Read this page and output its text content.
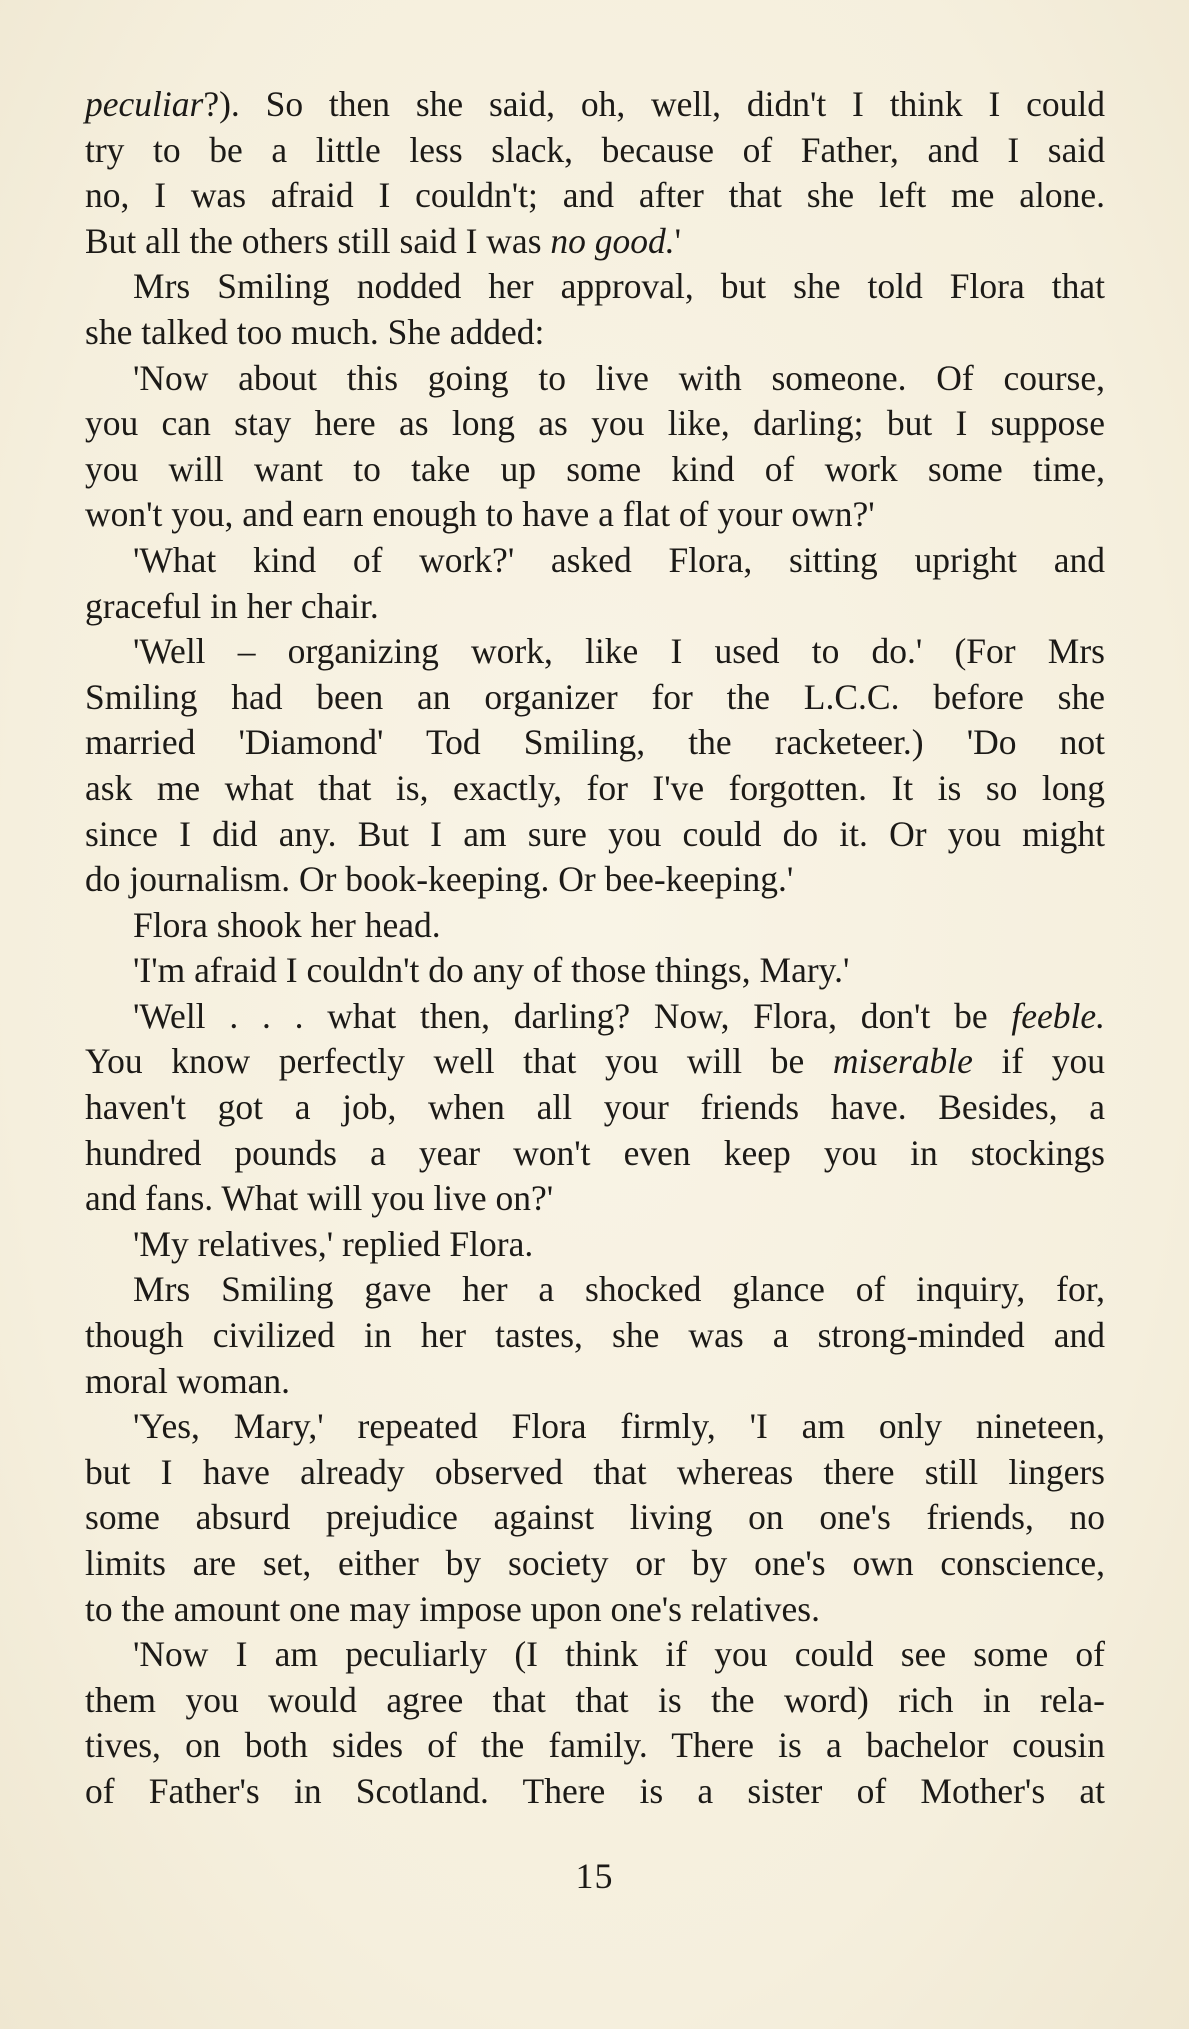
peculiar?). So then she said, oh, well, didn't I think I could
try to be a little less slack, because of Father, and I said
no, I was afraid I couldn't; and after that she left me alone.
But all the others still said I was no good.'
Mrs Smiling nodded her approval, but she told Flora that
she talked too much. She added:
'Now about this going to live with someone. Of course,
you can stay here as long as you like, darling; but I suppose
you will want to take up some kind of work some time,
won't you, and earn enough to have a flat of your own?'
'What kind of work?' asked Flora, sitting upright and
graceful in her chair.
'Well – organizing work, like I used to do.' (For Mrs
Smiling had been an organizer for the L.C.C. before she
married 'Diamond' Tod Smiling, the racketeer.) 'Do not
ask me what that is, exactly, for I've forgotten. It is so long
since I did any. But I am sure you could do it. Or you might
do journalism. Or book-keeping. Or bee-keeping.'
Flora shook her head.
'I'm afraid I couldn't do any of those things, Mary.'
'Well . . . what then, darling? Now, Flora, don't be feeble.
You know perfectly well that you will be miserable if you
haven't got a job, when all your friends have. Besides, a
hundred pounds a year won't even keep you in stockings
and fans. What will you live on?'
'My relatives,' replied Flora.
Mrs Smiling gave her a shocked glance of inquiry, for,
though civilized in her tastes, she was a strong-minded and
moral woman.
'Yes, Mary,' repeated Flora firmly, 'I am only nineteen,
but I have already observed that whereas there still lingers
some absurd prejudice against living on one's friends, no
limits are set, either by society or by one's own conscience,
to the amount one may impose upon one's relatives.
'Now I am peculiarly (I think if you could see some of
them you would agree that that is the word) rich in rela-
tives, on both sides of the family. There is a bachelor cousin
of Father's in Scotland. There is a sister of Mother's at
15
